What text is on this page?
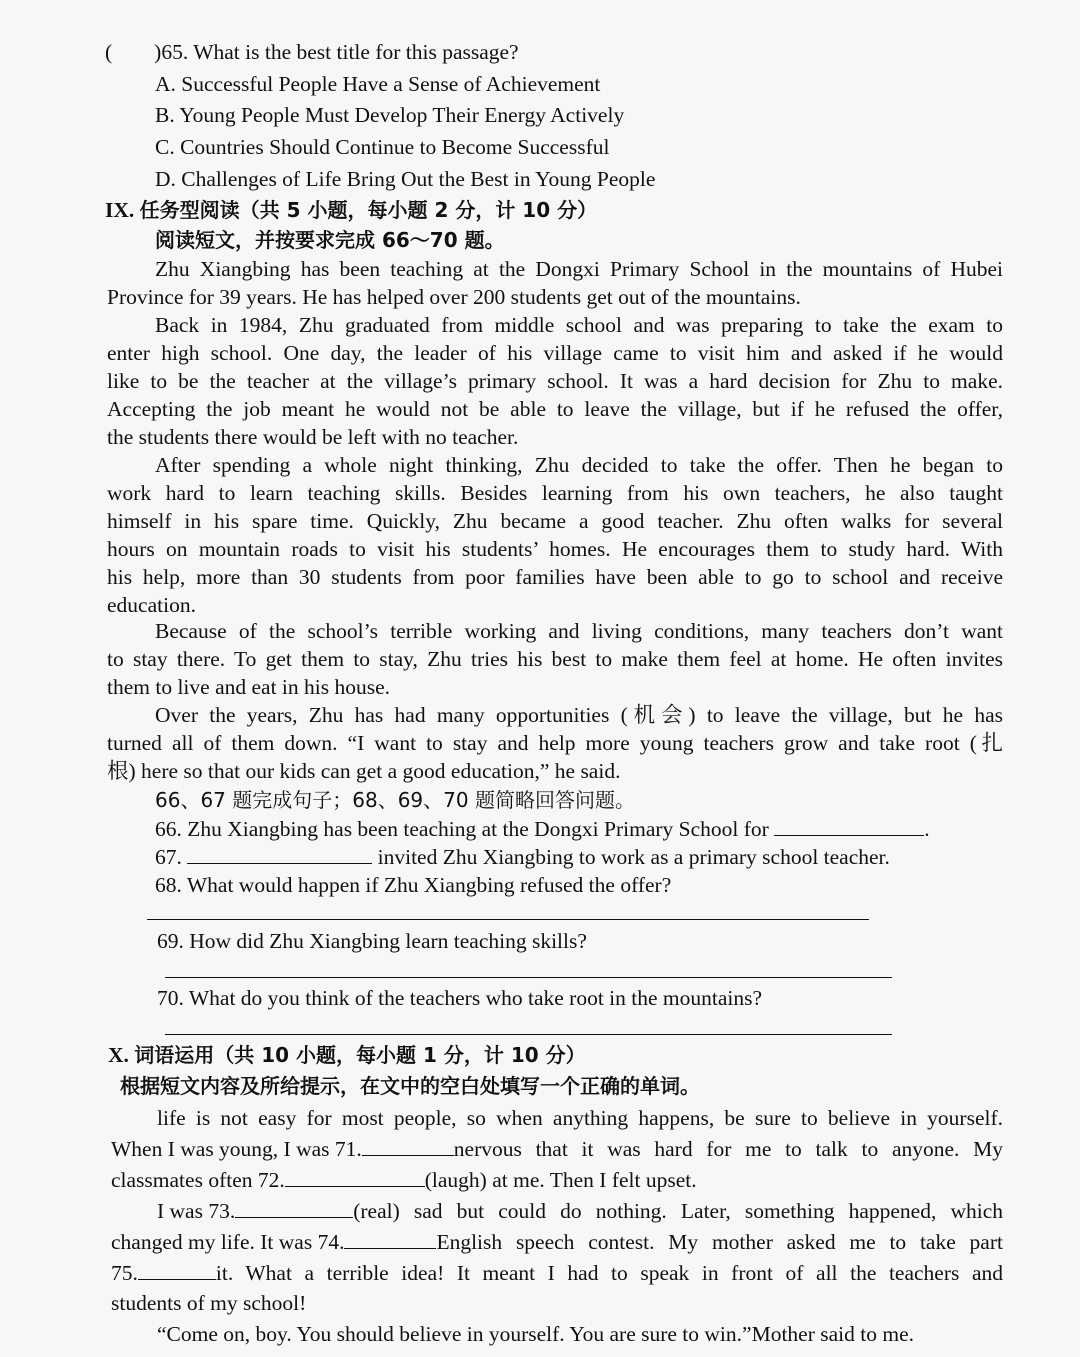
( )65. What is the best title for this passage?
A. Successful People Have a Sense of Achievement
B. Young People Must Develop Their Energy Actively
C. Countries Should Continue to Become Successful
D. Challenges of Life Bring Out the Best in Young People
IX. 任务型阅读（共 5 小题，每小题 2 分，计 10 分）
阅读短文，并按要求完成 66～70 题。
Zhu Xiangbing has been teaching at the Dongxi Primary School in the mountains of Hubei
Province for 39 years. He has helped over 200 students get out of the mountains.
Back in 1984, Zhu graduated from middle school and was preparing to take the exam to
enter high school. One day, the leader of his village came to visit him and asked if he would
like to be the teacher at the village’s primary school. It was a hard decision for Zhu to make.
Accepting the job meant he would not be able to leave the village, but if he refused the offer,
the students there would be left with no teacher.
After spending a whole night thinking, Zhu decided to take the offer. Then he began to
work hard to learn teaching skills. Besides learning from his own teachers, he also taught
himself in his spare time. Quickly, Zhu became a good teacher. Zhu often walks for several
hours on mountain roads to visit his students’ homes. He encourages them to study hard. With
his help, more than 30 students from poor families have been able to go to school and receive
education.
Because of the school’s terrible working and living conditions, many teachers don’t want
to stay there. To get them to stay, Zhu tries his best to make them feel at home. He often invites
them to live and eat in his house.
Over the years, Zhu has had many opportunities (机会) to leave the village, but he has
turned all of them down. “I want to stay and help more young teachers grow and take root (扎
根) here so that our kids can get a good education,” he said.
66、67 题完成句子；68、69、70 题简略回答问题。
66. Zhu Xiangbing has been teaching at the Dongxi Primary School for	.
67.	invited Zhu Xiangbing to work as a primary school teacher.
68. What would happen if Zhu Xiangbing refused the offer?
69. How did Zhu Xiangbing learn teaching skills?
70. What do you think of the teachers who take root in the mountains?
X. 词语运用（共 10 小题，每小题 1 分，计 10 分）
根据短文内容及所给提示，在文中的空白处填写一个正确的单词。
life is not easy for most people, so when anything happens, be sure to believe in yourself.
When I was young, I was 71.	nervous that it was hard for me to talk to anyone. My
classmates often 72.	(laugh) at me. Then I felt upset.
I was 73.	(real) sad but could do nothing. Later, something happened, which
changed my life. It was 74.	English speech contest. My mother asked me to take part
75.	it. What a terrible idea! It meant I had to speak in front of all the teachers and
students of my school!
“Come on, boy. You should believe in yourself. You are sure to win.”Mother said to me.
